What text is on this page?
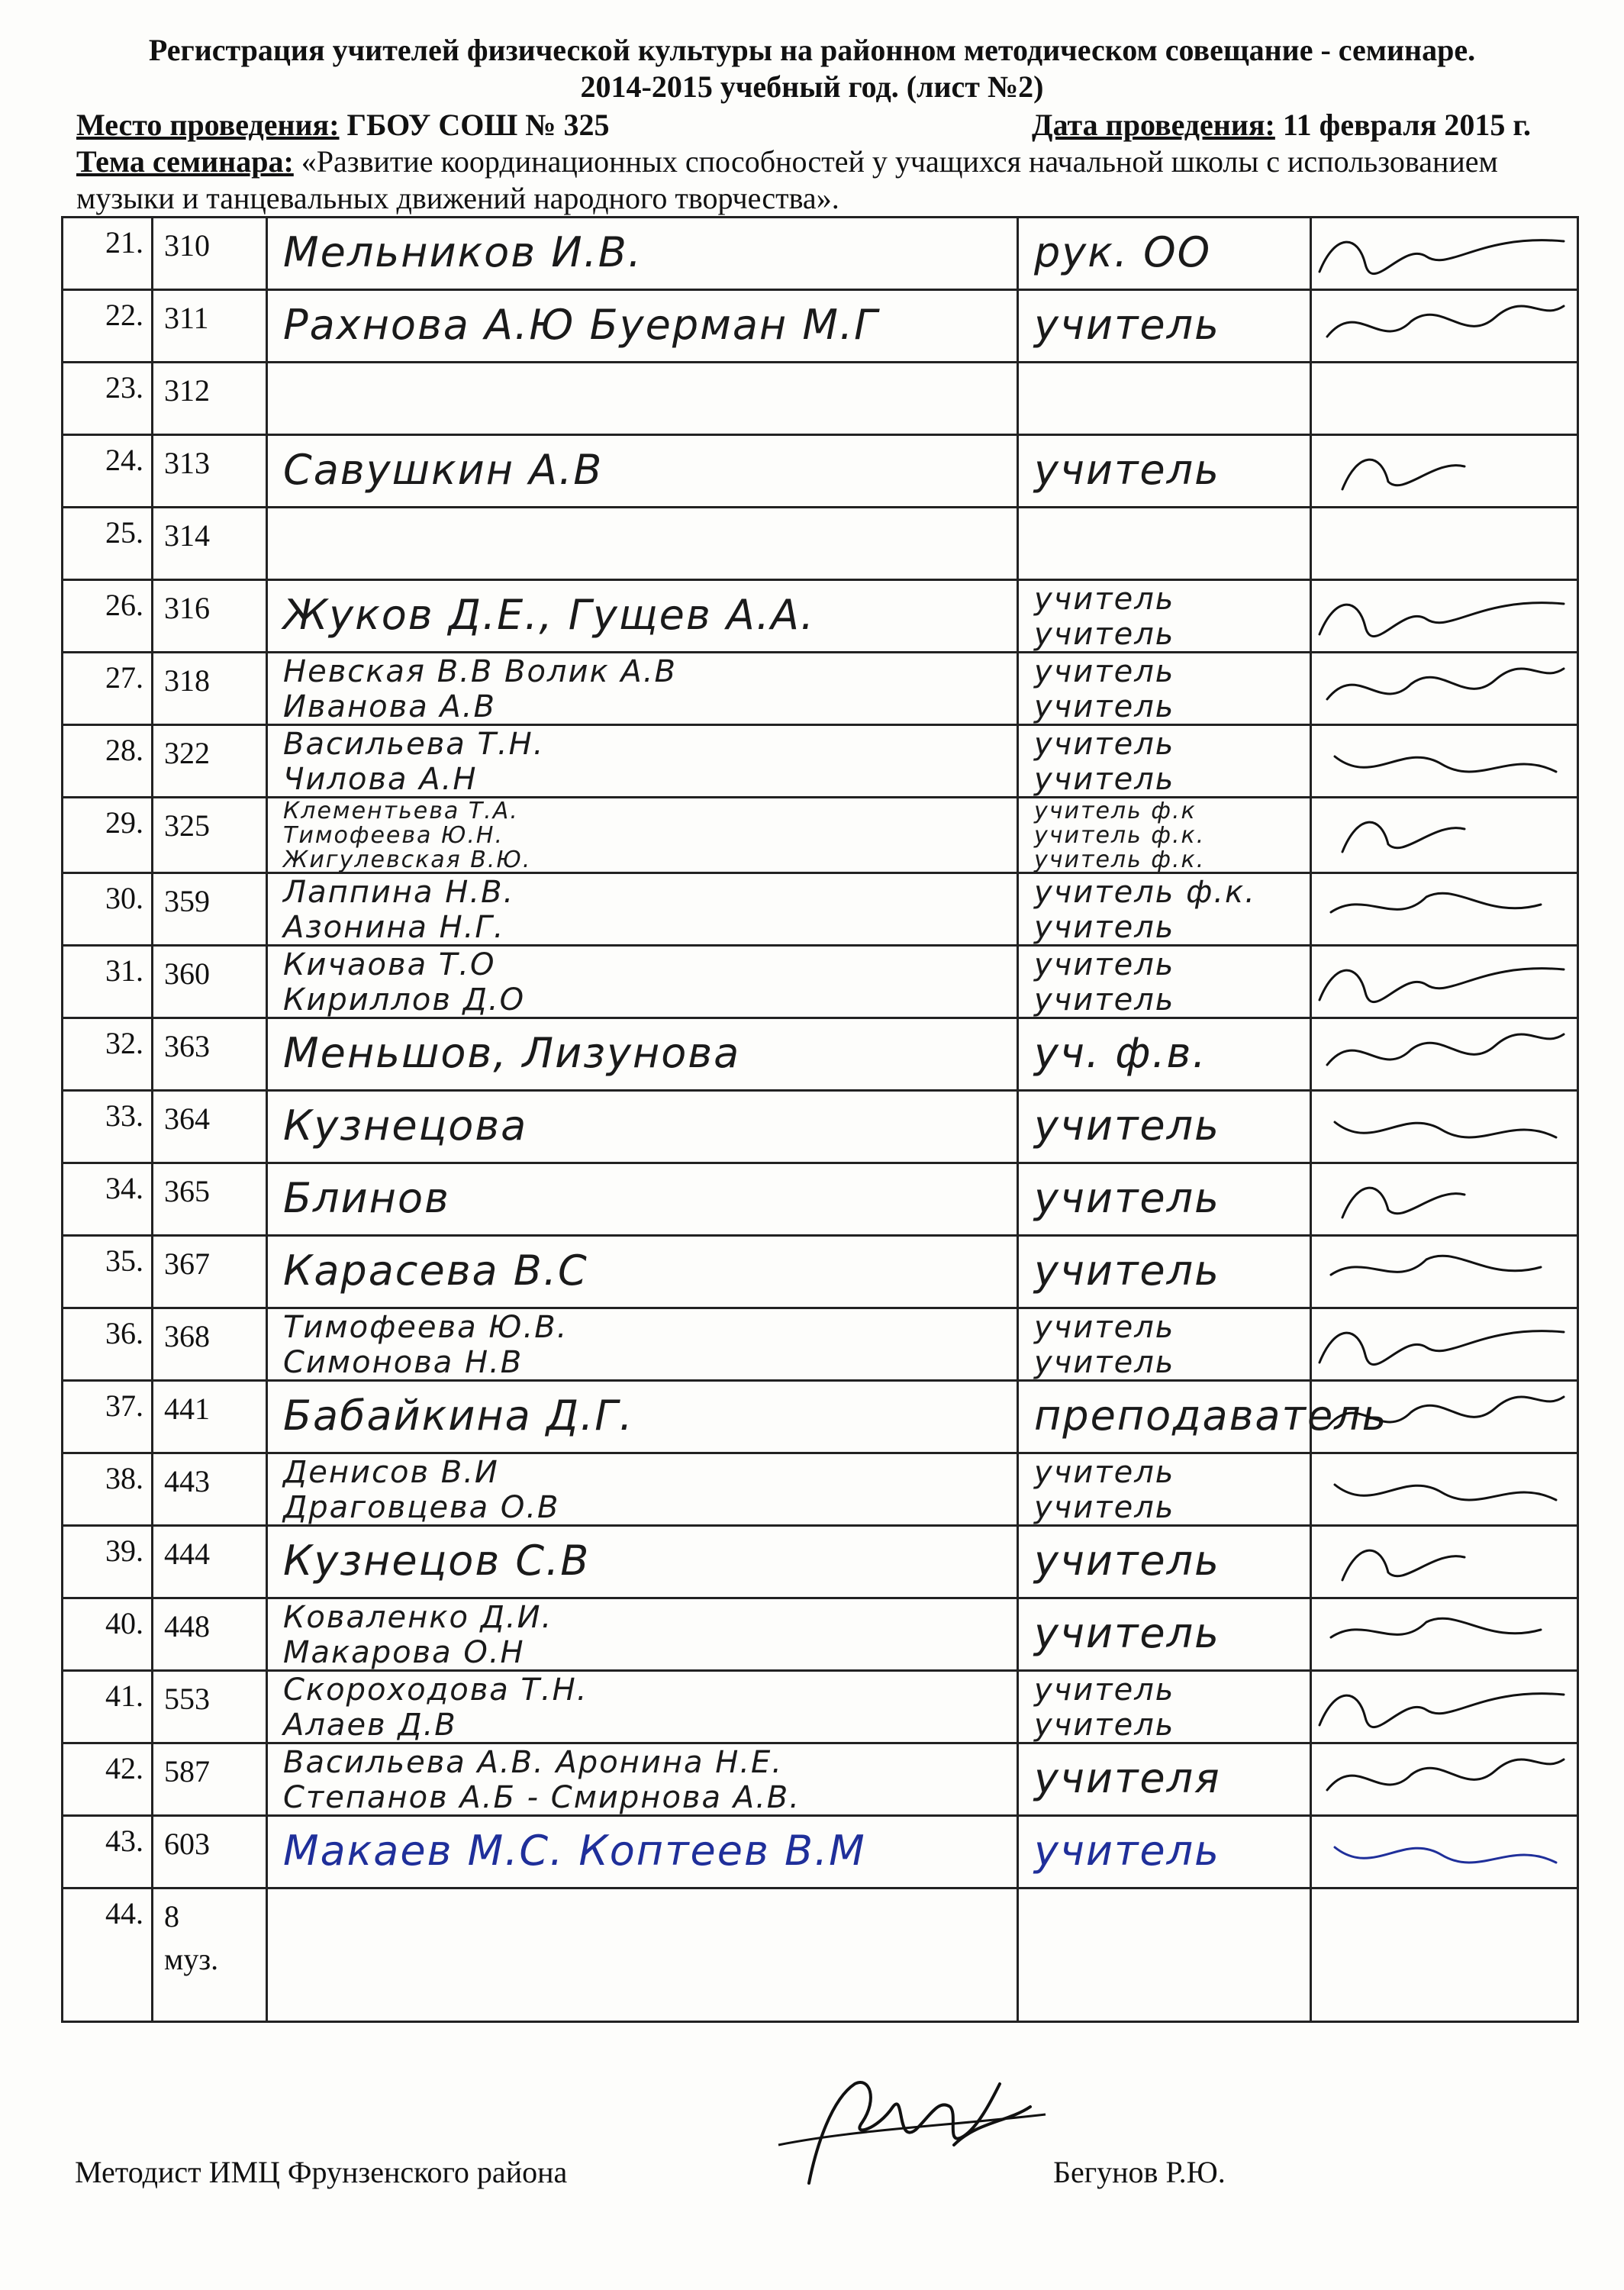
Регистрация учителей физической культуры на районном методическом совещание - семинаре.
2014-2015 учебный год. (лист №2)
Место проведения: ГБОУ СОШ № 325	Дата проведения: 11 февраля 2015 г.
Тема семинара: «Развитие координационных способностей у учащихся начальной школы с использованием музыки и танцевальных движений народного творчества».
21.	310	Мельников И.В.	рук. ОО

22.	311	Рахнова А.Ю Буерман М.Г	учитель

23.	312			

24.	313	Савушкин А.В	учитель

25.	314			

26.	316	Жуков Д.Е., Гущев А.А.	учитель
учитель

27.	318	Невская В.В Волик А.В
Иванова А.В	учитель
учитель

28.	322	Васильева Т.Н.
Чилова А.Н	учитель
учитель

29.	325	Клементьева Т.А.
Тимофеева Ю.Н.
Жигулевская В.Ю.	учитель ф.к
учитель ф.к.
учитель ф.к.

30.	359	Лаппина Н.В.
Азонина Н.Г.	учитель ф.к.
учитель

31.	360	Кичаова Т.О
Кириллов Д.О	учитель
учитель

32.	363	Меньшов, Лизунова	уч. ф.в.

33.	364	Кузнецова	учитель

34.	365	Блинов	учитель

35.	367	Карасева В.С	учитель

36.	368	Тимофеева Ю.В.
Симонова Н.В	учитель
учитель

37.	441	Бабайкина Д.Г.	преподаватель

38.	443	Денисов В.И
Драговцева О.В	учитель
учитель

39.	444	Кузнецов С.В	учитель

40.	448	Коваленко Д.И.
Макарова О.Н	учитель

41.	553	Скороходова Т.Н.
Алаев Д.В	учитель
учитель

42.	587	Васильева А.В. Аронина Н.Е.
Степанов А.Б - Смирнова А.В.	учителя

43.	603	Макаев М.С. Коптеев В.М	учитель

44.	8
муз.			

Методист ИМЦ Фрунзенского района	Бегунов Р.Ю.
